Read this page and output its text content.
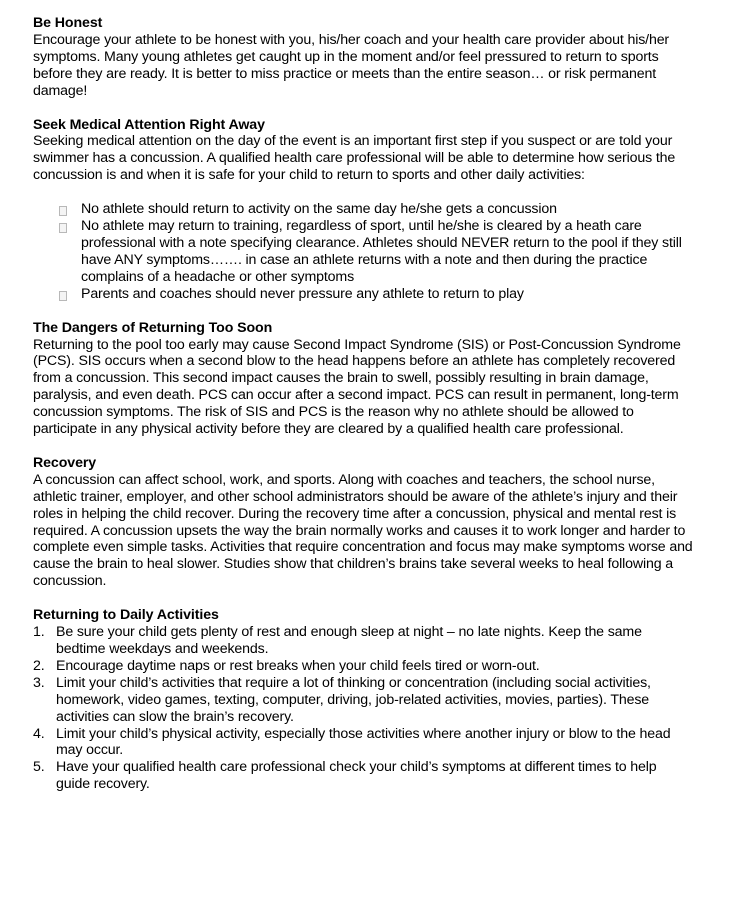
Be Honest

Encourage your athlete to be honest with you, his/her coach and your health care provider about his/her symptoms. Many young athletes get caught up in the moment and/or feel pressured to return to sports before they are ready. It is better to miss practice or meets than the entire season… or risk permanent damage!

Seek Medical Attention Right Away

Seeking medical attention on the day of the event is an important first step if you suspect or are told your swimmer has a concussion. A qualified health care professional will be able to determine how serious the concussion is and when it is safe for your child to return to sports and other daily activities:

No athlete should return to activity on the same day he/she gets a concussion
No athlete may return to training, regardless of sport, until he/she is cleared by a heath care professional with a note specifying clearance. Athletes should NEVER return to the pool if they still have ANY symptoms……. in case an athlete returns with a note and then during the practice complains of a headache or other symptoms
Parents and coaches should never pressure any athlete to return to play
The Dangers of Returning Too Soon

Returning to the pool too early may cause Second Impact Syndrome (SIS) or Post-Concussion Syndrome (PCS). SIS occurs when a second blow to the head happens before an athlete has completely recovered from a concussion. This second impact causes the brain to swell, possibly resulting in brain damage, paralysis, and even death. PCS can occur after a second impact. PCS can result in permanent, long-term concussion symptoms. The risk of SIS and PCS is the reason why no athlete should be allowed to participate in any physical activity before they are cleared by a qualified health care professional.

Recovery

A concussion can affect school, work, and sports. Along with coaches and teachers, the school nurse, athletic trainer, employer, and other school administrators should be aware of the athlete’s injury and their roles in helping the child recover. During the recovery time after a concussion, physical and mental rest is required. A concussion upsets the way the brain normally works and causes it to work longer and harder to complete even simple tasks. Activities that require concentration and focus may make symptoms worse and cause the brain to heal slower. Studies show that children’s brains take several weeks to heal following a concussion.

Returning to Daily Activities
1. Be sure your child gets plenty of rest and enough sleep at night – no late nights. Keep the same bedtime weekdays and weekends.
2. Encourage daytime naps or rest breaks when your child feels tired or worn-out.
3. Limit your child’s activities that require a lot of thinking or concentration (including social activities, homework, video games, texting, computer, driving, job-related activities, movies, parties). These activities can slow the brain’s recovery.
4. Limit your child’s physical activity, especially those activities where another injury or blow to the head may occur.
5. Have your qualified health care professional check your child’s symptoms at different times to help guide recovery.
